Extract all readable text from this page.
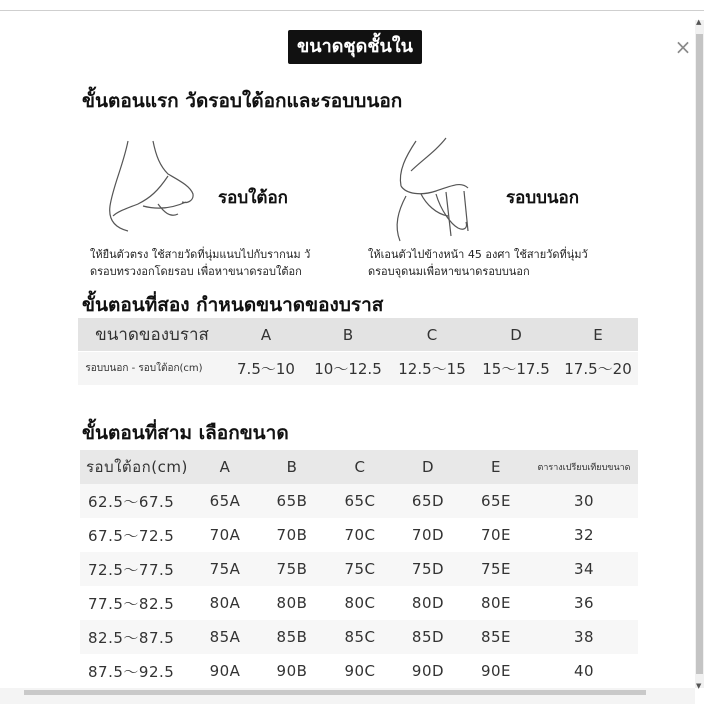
×
ขนาดชุดชั้นใน
ขั้นตอนแรก วัดรอบใต้อกและรอบบนอก
รอบใต้อก	รอบบนอก
ให้ยืนตัวตรง ใช้สายวัดที่นุ่มแนบไปกับรากนม วั
ดรอบทรวงอกโดยรอบ เพื่อหาขนาดรอบใต้อก
ให้เอนตัวไปข้างหน้า 45 องศา ใช้สายวัดที่นุ่มวั
ดรอบจุดนมเพื่อหาขนาดรอบบนอก
ขั้นตอนที่สอง กำหนดขนาดของบราส
ขนาดของบราส	A	B	C	D	E
รอบบนอก - รอบใต้อก(cm)	7.5～10	10～12.5	12.5～15	15～17.5 17.5～20
ขั้นตอนที่สาม เลือกขนาด
รอบใต้อก(cm)	A	B	C	D	E	ตารางเปรียบเทียบขนาด
62.5～67.5	65A	65B	65C	65D	65E	30
67.5～72.5	70A	70B	70C	70D	70E	32
72.5～77.5	75A	75B	75C	75D	75E	34
77.5～82.5	80A	80B	80C	80D	80E	36
82.5～87.5	85A	85B	85C	85D	85E	38
87.5～92.5	90A	90B	90C	90D	90E	40
▲
▼
